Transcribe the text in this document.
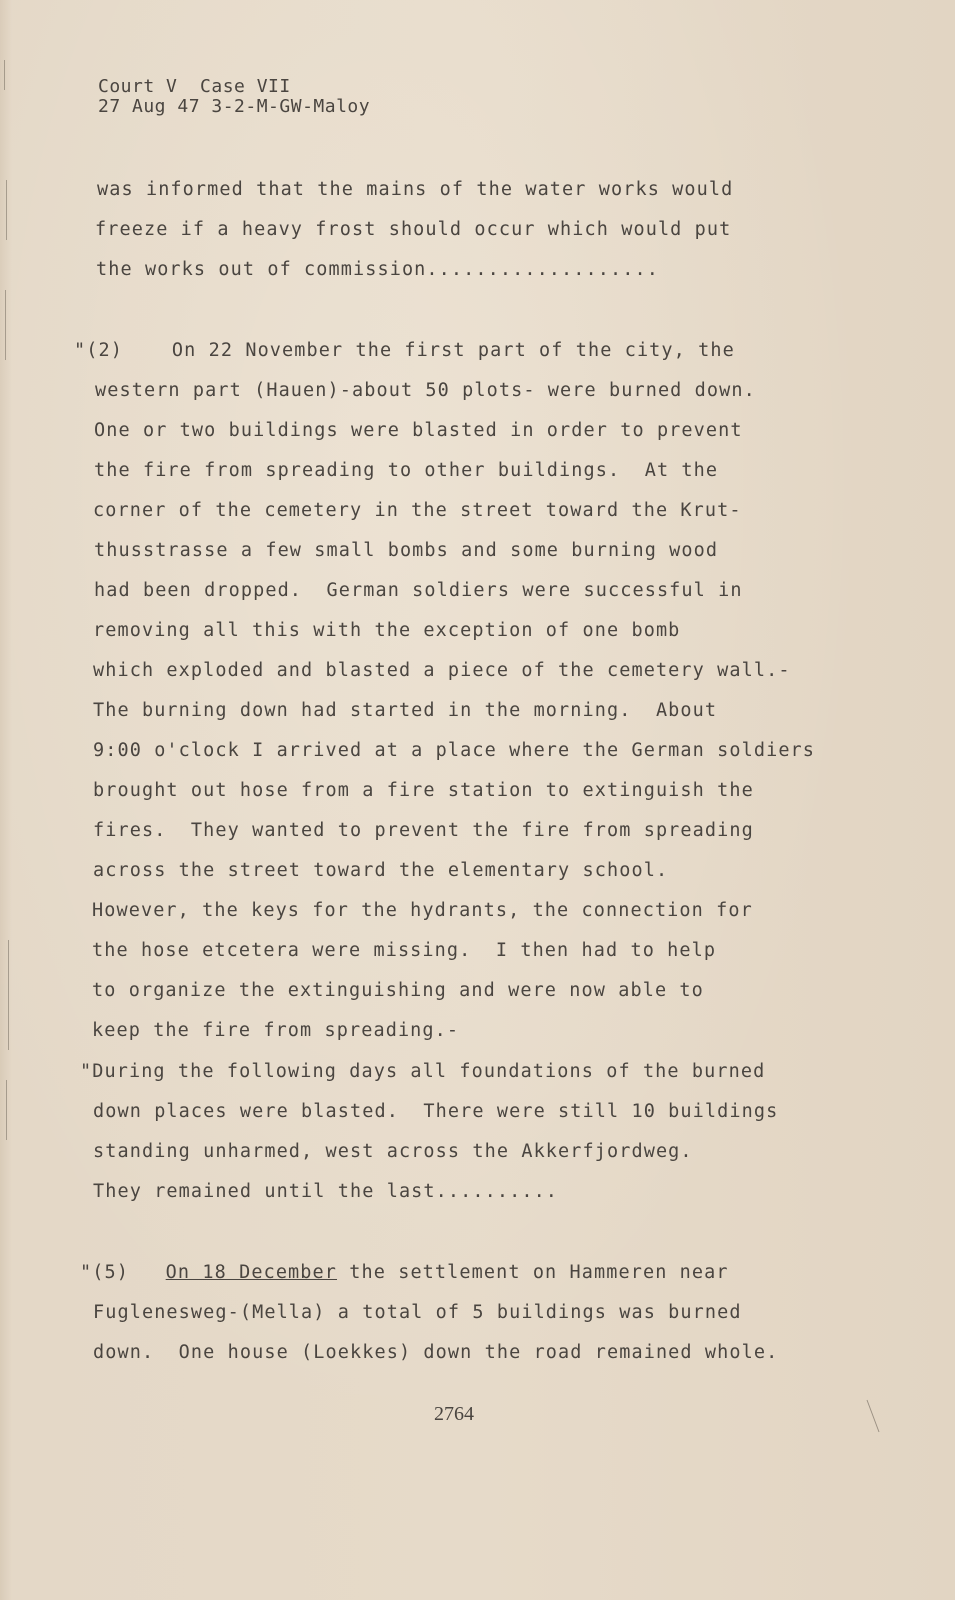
Court V  Case VII
27 Aug 47 3-2-M-GW-Maloy
was informed that the mains of the water works would
freeze if a heavy frost should occur which would put
the works out of commission...................
"(2)    On 22 November the first part of the city, the
western part (Hauen)-about 50 plots- were burned down.
One or two buildings were blasted in order to prevent
the fire from spreading to other buildings.  At the
corner of the cemetery in the street toward the Krut-
thusstrasse a few small bombs and some burning wood
had been dropped.  German soldiers were successful in
removing all this with the exception of one bomb
which exploded and blasted a piece of the cemetery wall.-
The burning down had started in the morning.  About
9:00 o'clock I arrived at a place where the German soldiers
brought out hose from a fire station to extinguish the
fires.  They wanted to prevent the fire from spreading
across the street toward the elementary school.
However, the keys for the hydrants, the connection for
the hose etcetera were missing.  I then had to help
to organize the extinguishing and were now able to
keep the fire from spreading.-
"During the following days all foundations of the burned
down places were blasted.  There were still 10 buildings
standing unharmed, west across the Akkerfjordweg.
They remained until the last..........
"(5)   On 18 December the settlement on Hammeren near
Fuglenesweg-(Mella) a total of 5 buildings was burned
down.  One house (Loekkes) down the road remained whole.
2764
